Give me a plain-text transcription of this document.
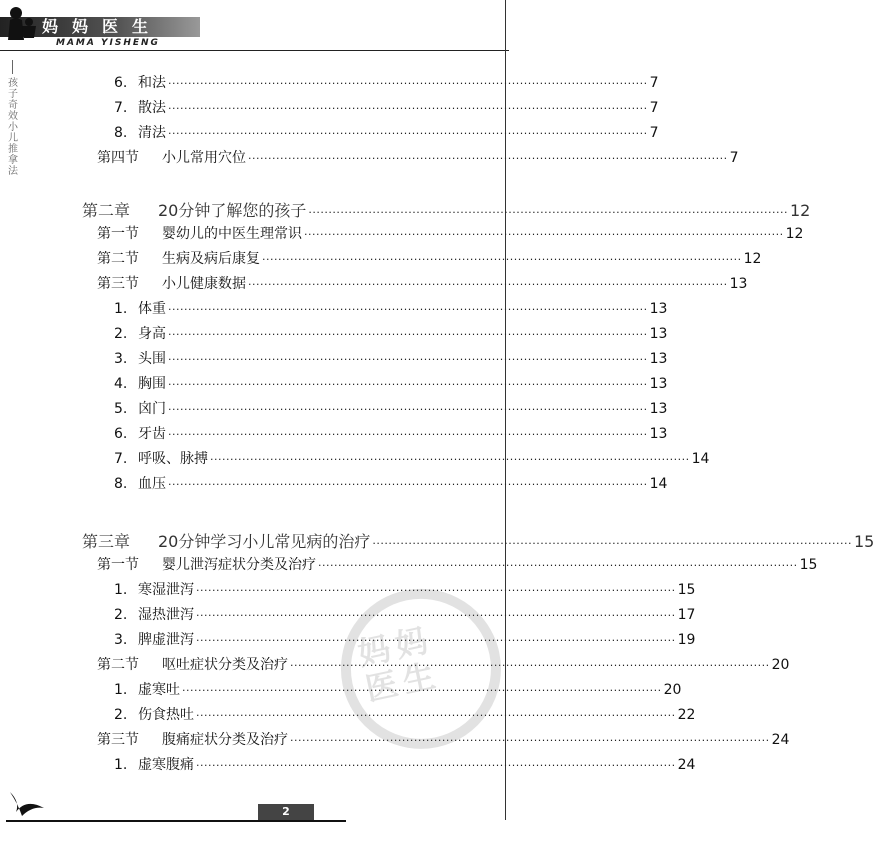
妈妈医生
MAMA YISHENG
孩子奇效小儿推拿法
6. 和法 ························································································································ 7
7. 散法 ························································································································ 7
8. 清法 ························································································································ 7
第四节 小儿常用穴位 ························································································································ 7
第二章 20分钟了解您的孩子 ························································································································ 12
第一节 婴幼儿的中医生理常识 ························································································································ 12
第二节 生病及病后康复 ························································································································ 12
第三节 小儿健康数据 ························································································································ 13
1. 体重 ························································································································ 13
2. 身高 ························································································································ 13
3. 头围 ························································································································ 13
4. 胸围 ························································································································ 13
5. 囟门 ························································································································ 13
6. 牙齿 ························································································································ 13
7. 呼吸、脉搏 ························································································································ 14
8. 血压 ························································································································ 14
第三章 20分钟学习小儿常见病的治疗 ························································································································ 15
第一节 婴儿泄泻症状分类及治疗 ························································································································ 15
1. 寒湿泄泻 ························································································································ 15
2. 湿热泄泻 ························································································································ 17
3. 脾虚泄泻 ························································································································ 19
第二节 呕吐症状分类及治疗 ························································································································ 20
1. 虚寒吐 ························································································································ 20
2. 伤食热吐 ························································································································ 22
第三节 腹痛症状分类及治疗 ························································································································ 24
1. 虚寒腹痛 ························································································································ 24
妈妈医生
2
